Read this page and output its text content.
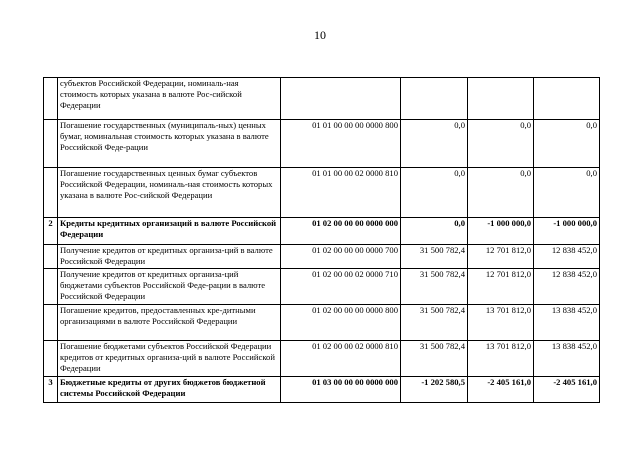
10
	субъектов Российской Федерации, номиналь-ная стоимость которых указана в валюте Рос-сийской Федерации				
	Погашение государственных (муниципаль-ных) ценных бумаг, номинальная стоимость которых указана в валюте Российской Феде-рации	01 01 00 00 00 0000 800	0,0	0,0	0,0
	Погашение государственных ценных бумаг субъектов Российской Федерации, номиналь-ная стоимость которых указана в валюте Рос-сийской Федерации	01 01 00 00 02 0000 810	0,0	0,0	0,0
2	Кредиты кредитных организаций в валюте Российской Федерации	01 02 00 00 00 0000 000	0,0	-1 000 000,0	-1 000 000,0
	Получение кредитов от кредитных организа-ций в валюте Российской Федерации	01 02 00 00 00 0000 700	31 500 782,4	12 701 812,0	12 838 452,0
	Получение кредитов от кредитных организа-ций бюджетами субъектов Российской Феде-рации в валюте Российской Федерации	01 02 00 00 02 0000 710	31 500 782,4	12 701 812,0	12 838 452,0
	Погашение кредитов, предоставленных кре-дитными организациями в валюте Российской Федерации	01 02 00 00 00 0000 800	31 500 782,4	13 701 812,0	13 838 452,0
	Погашение бюджетами субъектов Российской Федерации кредитов от кредитных организа-ций в валюте Российской Федерации	01 02 00 00 02 0000 810	31 500 782,4	13 701 812,0	13 838 452,0
3	Бюджетные кредиты от других бюджетов бюджетной системы Российской Федерации	01 03 00 00 00 0000 000	-1 202 580,5	-2 405 161,0	-2 405 161,0
